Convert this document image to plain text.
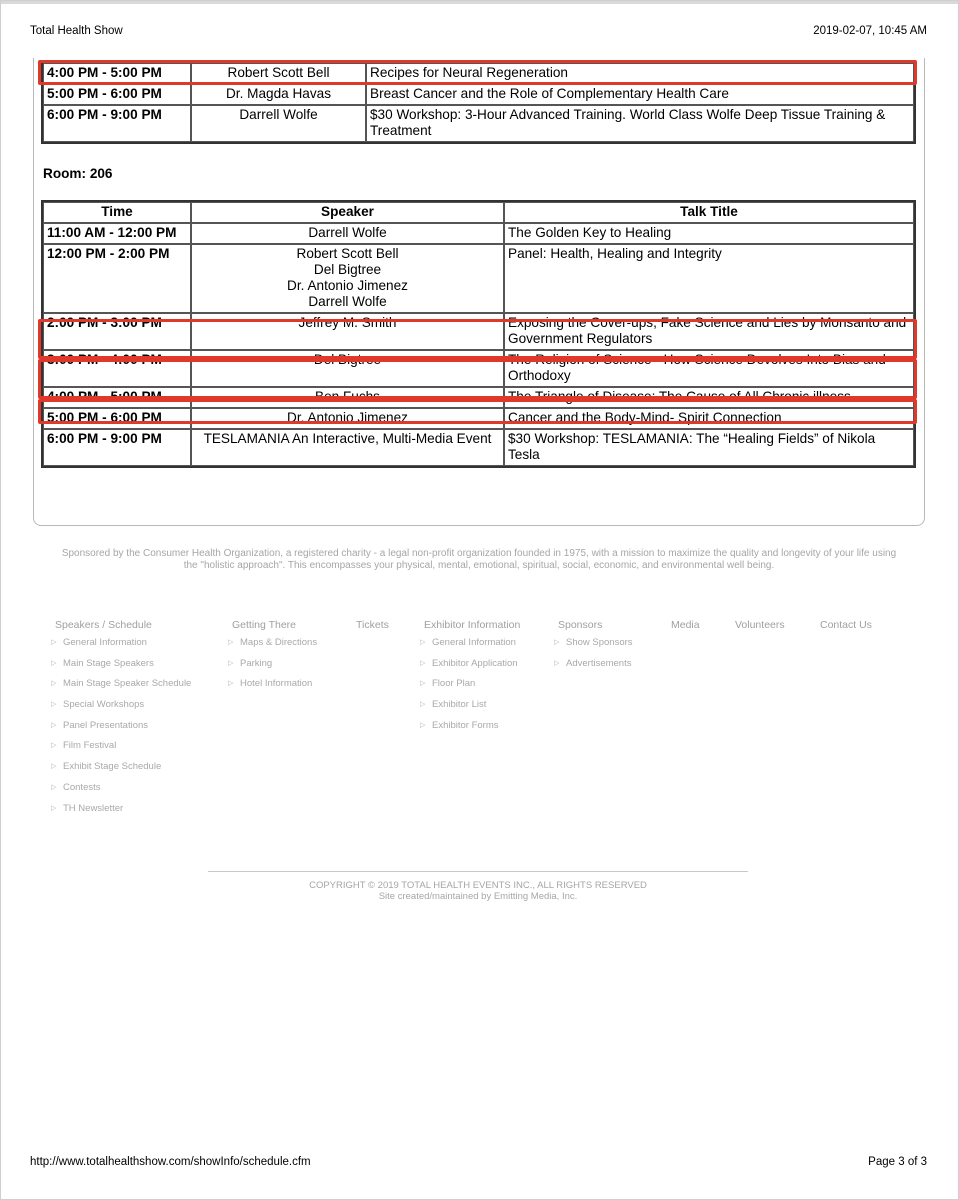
Total Health Show	2019-02-07, 10:45 AM
4:00 PM - 5:00 PM	Robert Scott Bell	Recipes for Neural Regeneration
5:00 PM - 6:00 PM	Dr. Magda Havas	Breast Cancer and the Role of Complementary Health Care
6:00 PM - 9:00 PM	Darrell Wolfe	$30 Workshop: 3-Hour Advanced Training. World Class Wolfe Deep Tissue Training & Treatment
Room: 206
Time	Speaker	Talk Title
11:00 AM - 12:00 PM	Darrell Wolfe	The Golden Key to Healing
12:00 PM - 2:00 PM	Robert Scott Bell
Del Bigtree
Dr. Antonio Jimenez
Darrell Wolfe	Panel: Health, Healing and Integrity
2:00 PM - 3:00 PM	Jeffrey M. Smith	Exposing the Cover-ups, Fake Science and Lies by Monsanto and Government Regulators
3:00 PM - 4:00 PM	Del Bigtree	The Religion of Science - How Science Devolves Into Bias and Orthodoxy
4:00 PM - 5:00 PM	Ben Fuchs	The Triangle of Disease: The Cause of All Chronic illness.
5:00 PM - 6:00 PM	Dr. Antonio Jimenez	Cancer and the Body-Mind- Spirit Connection
6:00 PM - 9:00 PM	TESLAMANIA An Interactive, Multi-Media Event	$30 Workshop: TESLAMANIA: The “Healing Fields” of Nikola Tesla
Sponsored by the Consumer Health Organization, a registered charity - a legal non-profit organization founded in 1975, with a mission to maximize the quality and longevity of your life using the "holistic approach". This encompasses your physical, mental, emotional, spiritual, social, economic, and environmental well being.
Speakers / Schedule
▷ General Information
▷ Main Stage Speakers
▷ Main Stage Speaker Schedule
▷ Special Workshops
▷ Panel Presentations
▷ Film Festival
▷ Exhibit Stage Schedule
▷ Contests
▷ TH Newsletter
Getting There
▷ Maps & Directions
▷ Parking
▷ Hotel Information
Tickets	Exhibitor Information
▷ General Information
▷ Exhibitor Application
▷ Floor Plan
▷ Exhibitor List
▷ Exhibitor Forms
Sponsors
▷ Show Sponsors
▷ Advertisements
Media	Volunteers	Contact Us
COPYRIGHT © 2019 TOTAL HEALTH EVENTS INC., ALL RIGHTS RESERVED
Site created/maintained by Emitting Media, Inc.
http://www.totalhealthshow.com/showInfo/schedule.cfm	Page 3 of 3
